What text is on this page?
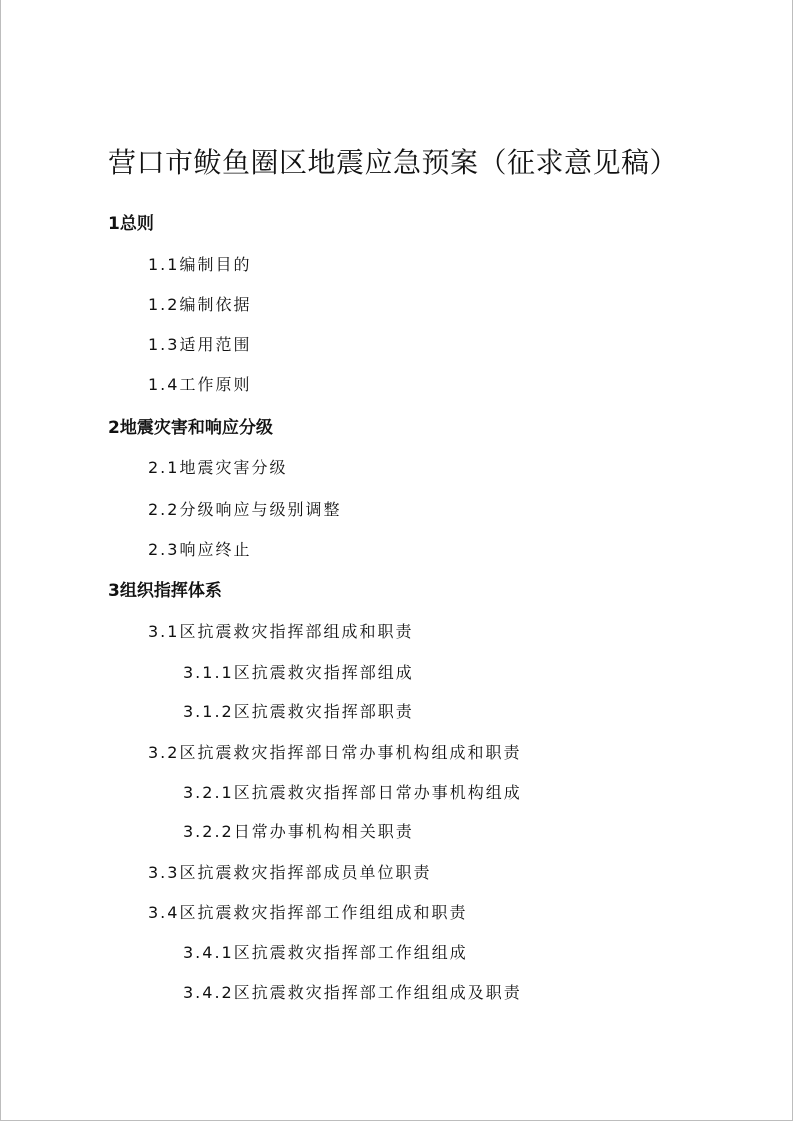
营口市鲅鱼圈区地震应急预案（征求意见稿）
1总则
1.1编制目的
1.2编制依据
1.3适用范围
1.4工作原则
2地震灾害和响应分级
2.1地震灾害分级
2.2分级响应与级别调整
2.3响应终止
3组织指挥体系
3.1区抗震救灾指挥部组成和职责
3.1.1区抗震救灾指挥部组成
3.1.2区抗震救灾指挥部职责
3.2区抗震救灾指挥部日常办事机构组成和职责
3.2.1区抗震救灾指挥部日常办事机构组成
3.2.2日常办事机构相关职责
3.3区抗震救灾指挥部成员单位职责
3.4区抗震救灾指挥部工作组组成和职责
3.4.1区抗震救灾指挥部工作组组成
3.4.2区抗震救灾指挥部工作组组成及职责
